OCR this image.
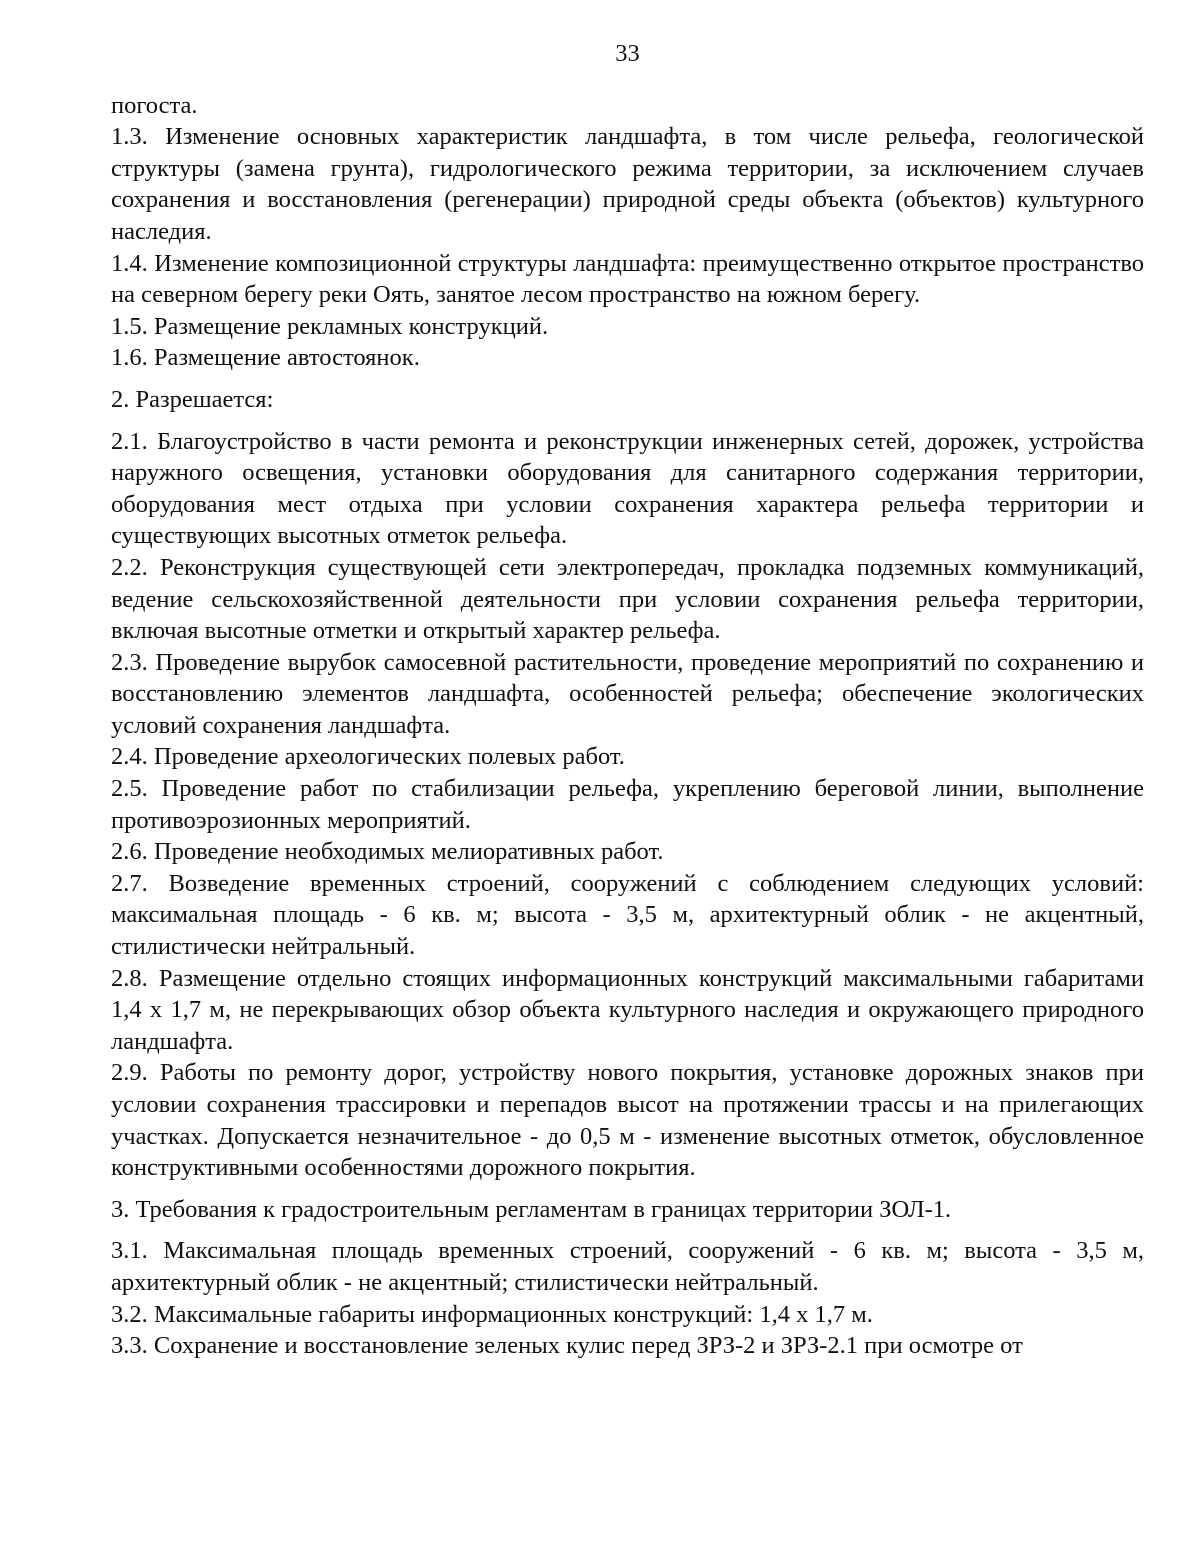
33

погоста.

1.3. Изменение основных характеристик ландшафта, в том числе рельефа, геологической структуры (замена грунта), гидрологического режима территории, за исключением случаев сохранения и восстановления (регенерации) природной среды объекта (объектов) культурного наследия.

1.4. Изменение композиционной структуры ландшафта: преимущественно открытое пространство на северном берегу реки Оять, занятое лесом пространство на южном берегу.

1.5. Размещение рекламных конструкций.

1.6. Размещение автостоянок.

2. Разрешается:

2.1. Благоустройство в части ремонта и реконструкции инженерных сетей, дорожек, устройства наружного освещения, установки оборудования для санитарного содержания территории, оборудования мест отдыха при условии сохранения характера рельефа территории и существующих высотных отметок рельефа.

2.2. Реконструкция существующей сети электропередач, прокладка подземных коммуникаций, ведение сельскохозяйственной деятельности при условии сохранения рельефа территории, включая высотные отметки и открытый характер рельефа.

2.3. Проведение вырубок самосевной растительности, проведение мероприятий по сохранению и восстановлению элементов ландшафта, особенностей рельефа; обеспечение экологических условий сохранения ландшафта.

2.4. Проведение археологических полевых работ.

2.5. Проведение работ по стабилизации рельефа, укреплению береговой линии, выполнение противоэрозионных мероприятий.

2.6. Проведение необходимых мелиоративных работ.

2.7. Возведение временных строений, сооружений с соблюдением следующих условий: максимальная площадь - 6 кв. м; высота - 3,5 м, архитектурный облик - не акцентный, стилистически нейтральный.

2.8. Размещение отдельно стоящих информационных конструкций максимальными габаритами 1,4 х 1,7 м, не перекрывающих обзор объекта культурного наследия и окружающего природного ландшафта.

2.9. Работы по ремонту дорог, устройству нового покрытия, установке дорожных знаков при условии сохранения трассировки и перепадов высот на протяжении трассы и на прилегающих участках. Допускается незначительное - до 0,5 м - изменение высотных отметок, обусловленное конструктивными особенностями дорожного покрытия.

3. Требования к градостроительным регламентам в границах территории ЗОЛ-1.

3.1. Максимальная площадь временных строений, сооружений - 6 кв. м; высота - 3,5 м, архитектурный облик - не акцентный; стилистически нейтральный.

3.2. Максимальные габариты информационных конструкций: 1,4 х 1,7 м.

3.3. Сохранение и восстановление зеленых кулис перед ЗРЗ-2 и ЗРЗ-2.1 при осмотре от
